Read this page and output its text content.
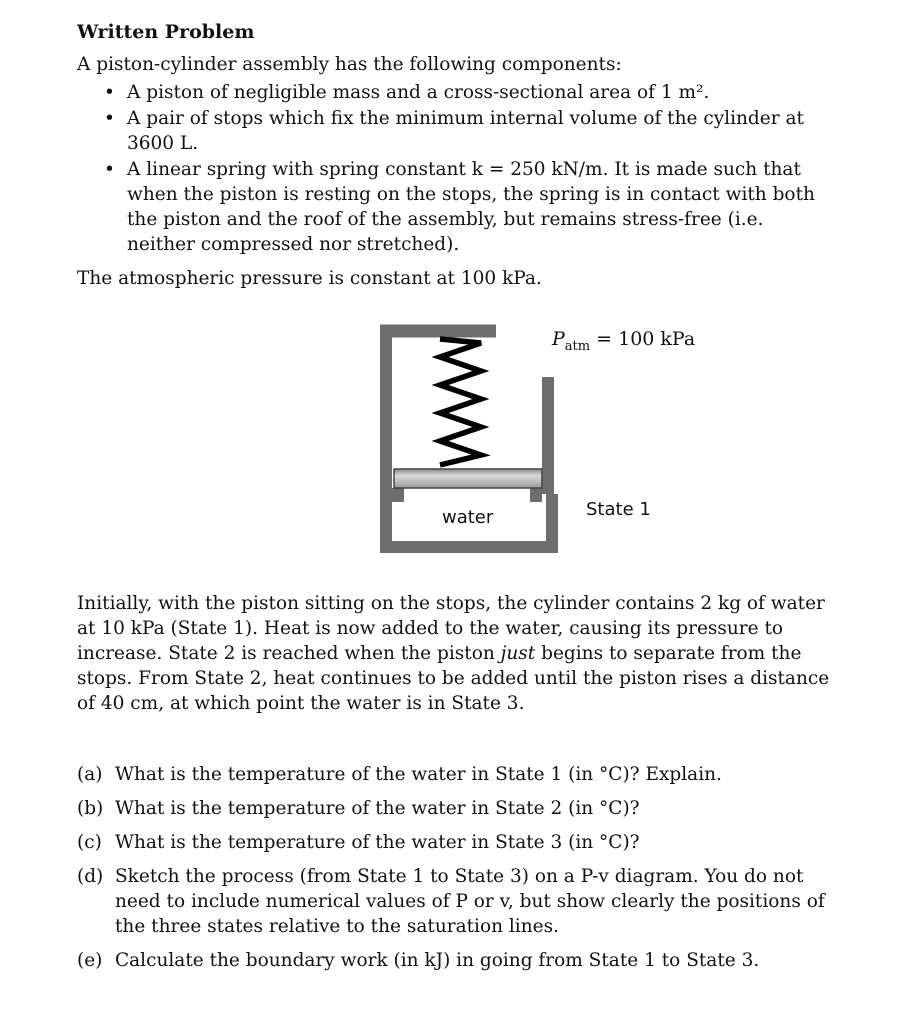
Written Problem
A piston-cylinder assembly has the following components:
• A piston of negligible mass and a cross-sectional area of 1 m².
• A pair of stops which fix the minimum internal volume of the cylinder at 3600 L.
• A linear spring with spring constant k = 250 kN/m. It is made such that when the piston is resting on the stops, the spring is in contact with both the piston and the roof of the assembly, but remains stress-free (i.e. neither compressed nor stretched).
The atmospheric pressure is constant at 100 kPa.
$P_{atm} = 100$ kPa
State 1
water
Initially, with the piston sitting on the stops, the cylinder contains 2 kg of water at 10 kPa (State 1). Heat is now added to the water, causing its pressure to increase. State 2 is reached when the piston just begins to separate from the stops. From State 2, heat continues to be added until the piston rises a distance of 40 cm, at which point the water is in State 3.
(a) What is the temperature of the water in State 1 (in °C)? Explain.
(b) What is the temperature of the water in State 2 (in °C)?
(c) What is the temperature of the water in State 3 (in °C)?
(d) Sketch the process (from State 1 to State 3) on a P-v diagram. You do not need to include numerical values of P or v, but show clearly the positions of the three states relative to the saturation lines.
(e) Calculate the boundary work (in kJ) in going from State 1 to State 3.
